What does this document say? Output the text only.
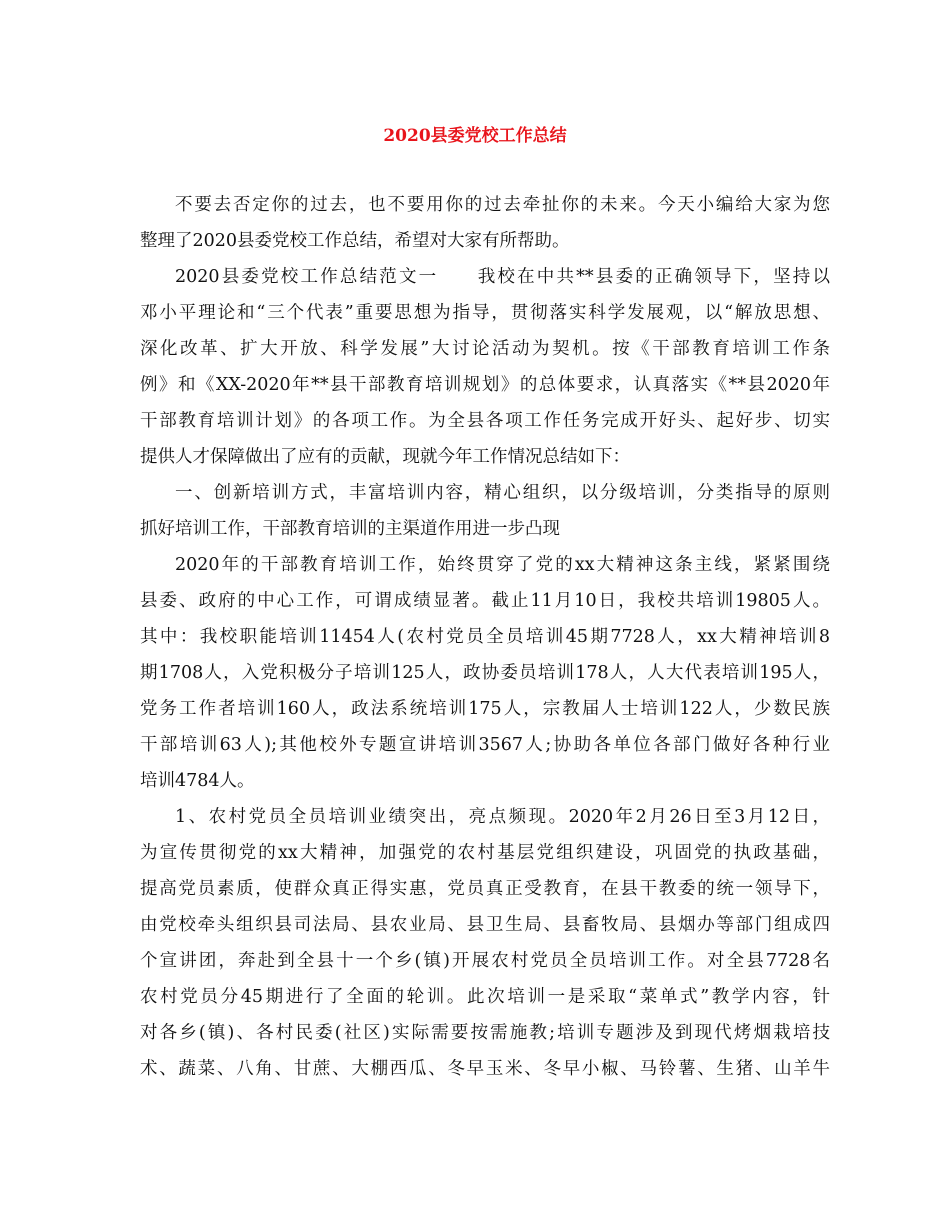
2020县委党校工作总结
不要去否定你的过去，也不要用你的过去牵扯你的未来。今天小编给大家为您
整理了2020县委党校工作总结，希望对大家有所帮助。
2020县委党校工作总结范文一　　我校在中共**县委的正确领导下，坚持以
邓小平理论和“三个代表”重要思想为指导，贯彻落实科学发展观，以“解放思想、
深化改革、扩大开放、科学发展”大讨论活动为契机。按《干部教育培训工作条
例》和《XX-2020年**县干部教育培训规划》的总体要求，认真落实《**县2020年
干部教育培训计划》的各项工作。为全县各项工作任务完成开好头、起好步、切实
提供人才保障做出了应有的贡献，现就今年工作情况总结如下：
一、创新培训方式，丰富培训内容，精心组织，以分级培训，分类指导的原则
抓好培训工作，干部教育培训的主渠道作用进一步凸现
2020年的干部教育培训工作，始终贯穿了党的xx大精神这条主线，紧紧围绕
县委、政府的中心工作，可谓成绩显著。截止11月10日，我校共培训19805人。
其中：我校职能培训11454人(农村党员全员培训45期7728人，xx大精神培训8
期1708人，入党积极分子培训125人，政协委员培训178人，人大代表培训195人，
党务工作者培训160人，政法系统培训175人，宗教届人士培训122人，少数民族
干部培训63人);其他校外专题宣讲培训3567人;协助各单位各部门做好各种行业
培训4784人。
1、农村党员全员培训业绩突出，亮点频现。2020年2月26日至3月12日，
为宣传贯彻党的xx大精神，加强党的农村基层党组织建设，巩固党的执政基础，
提高党员素质，使群众真正得实惠，党员真正受教育，在县干教委的统一领导下，
由党校牵头组织县司法局、县农业局、县卫生局、县畜牧局、县烟办等部门组成四
个宣讲团，奔赴到全县十一个乡(镇)开展农村党员全员培训工作。对全县7728名
农村党员分45期进行了全面的轮训。此次培训一是采取“菜单式”教学内容，针
对各乡(镇)、各村民委(社区)实际需要按需施教;培训专题涉及到现代烤烟栽培技
术、蔬菜、八角、甘蔗、大棚西瓜、冬早玉米、冬早小椒、马铃薯、生猪、山羊牛
